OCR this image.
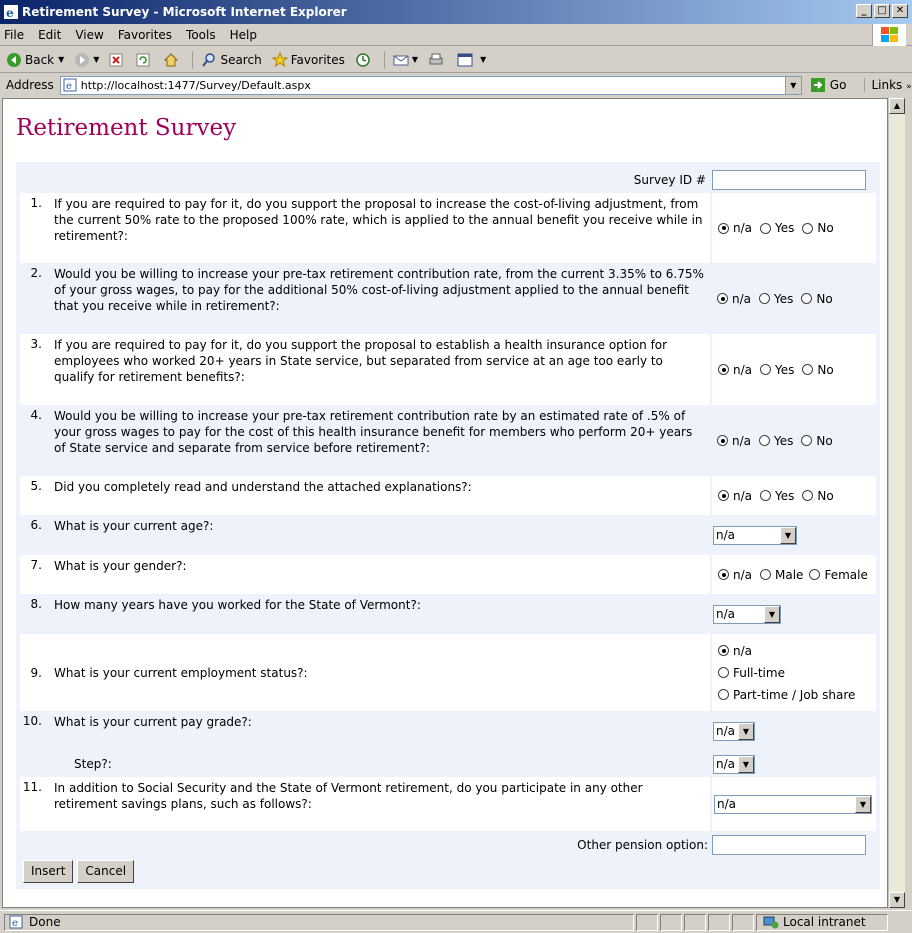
e Retirement Survey - Microsoft Internet Explorer	_	□ ✕
File Edit View Favorites Tools Help
Back ▼	▼	Search Favorites	▼	▼
Address e http://localhost:1477/Survey/Default.aspx	▼	Go	Links »
Retirement Survey
Survey ID #
1.	If you are required to pay for it, do you support the proposal to increase the cost-of-living adjustment, from the current 50% rate to the proposed 100% rate, which is applied to the annual benefit you receive while in retirement?:
n/a Yes No
2.	Would you be willing to increase your pre-tax retirement contribution rate, from the current 3.35% to 6.75% of your gross wages, to pay for the additional 50% cost-of-living adjustment applied to the annual benefit that you receive while in retirement?:
n/a Yes No
3.	If you are required to pay for it, do you support the proposal to establish a health insurance option for employees who worked 20+ years in State service, but separated from service at an age too early to qualify for retirement benefits?:
n/a Yes No
4.	Would you be willing to increase your pre-tax retirement contribution rate by an estimated rate of .5% of your gross wages to pay for the cost of this health insurance benefit for members who perform 20+ years of State service and separate from service before retirement?:
n/a Yes No
5.	Did you completely read and understand the attached explanations?:
n/a Yes No
6.	What is your current age?:
n/a	▼
7.	What is your gender?:
n/a Male Female
8.	How many years have you worked for the State of Vermont?:
n/a	▼
9.	What is your current employment status?:
n/a
Full-time
Part-time / Job share
10.	What is your current pay grade?:
n/a ▼
Step?:	n/a ▼
11.	In addition to Social Security and the State of Vermont retirement, do you participate in any other retirement savings plans, such as follows?:	n/a	▼
Other pension option:
Insert	Cancel
▲
▼
e Done	Local intranet
